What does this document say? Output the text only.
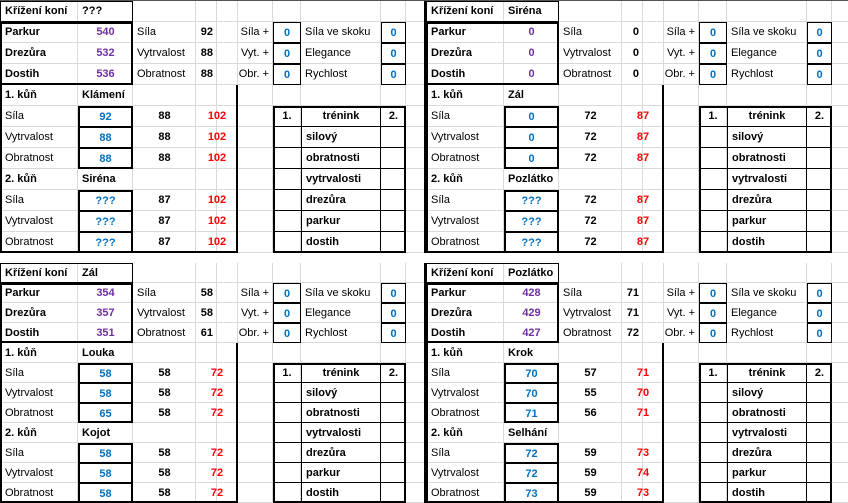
Křížení koní	???
Parkur	540	Síla	92	Síla +	0	Síla ve skoku	0
Drezůra	532	Vytrvalost	88	Vyt. +	0	Elegance	0
Dostih	536	Obratnost	88	Obr. +	0	Rychlost	0
1. kůň	Klámení
Síla	92	88	102
Vytrvalost	88	88	102
Obratnost	88	88	102
2. kůň	Siréna
Síla	???	87	102
Vytrvalost	???	87	102
Obratnost	???	87	102
1.	trénink	2.
silový
obratnosti
vytrvalosti
drezůra
parkur
dostih
Křížení koní	Siréna
Parkur	0	Síla	0	Síla +	0	Síla ve skoku	0
Drezůra	0	Vytrvalost	0	Vyt. +	0	Elegance	0
Dostih	0	Obratnost	0	Obr. +	0	Rychlost	0
1. kůň	Zál
Síla	0	72	87
Vytrvalost	0	72	87
Obratnost	0	72	87
2. kůň	Pozlátko
Síla	???	72	87
Vytrvalost	???	72	87
Obratnost	???	72	87
1.	trénink	2.
silový
obratnosti
vytrvalosti
drezůra
parkur
dostih
Křížení koní	Zál
Parkur	354	Síla	58	Síla +	0	Síla ve skoku	0
Drezůra	357	Vytrvalost	58	Vyt. +	0	Elegance	0
Dostih	351	Obratnost	61	Obr. +	0	Rychlost	0
1. kůň	Louka
Síla	58	58	72
Vytrvalost	58	58	72
Obratnost	65	58	72
2. kůň	Kojot
Síla	58	58	72
Vytrvalost	58	58	72
Obratnost	58	58	72
1.	trénink	2.
silový
obratnosti
vytrvalosti
drezůra
parkur
dostih
Křížení koní	Pozlátko
Parkur	428	Síla	71	Síla +	0	Síla ve skoku	0
Drezůra	429	Vytrvalost	71	Vyt. +	0	Elegance	0
Dostih	427	Obratnost	72	Obr. +	0	Rychlost	0
1. kůň	Krok
Síla	70	57	71
Vytrvalost	70	55	70
Obratnost	71	56	71
2. kůň	Selhání
Síla	72	59	73
Vytrvalost	72	59	74
Obratnost	73	59	73
1.	trénink	2.
silový
obratnosti
vytrvalosti
drezůra
parkur
dostih
